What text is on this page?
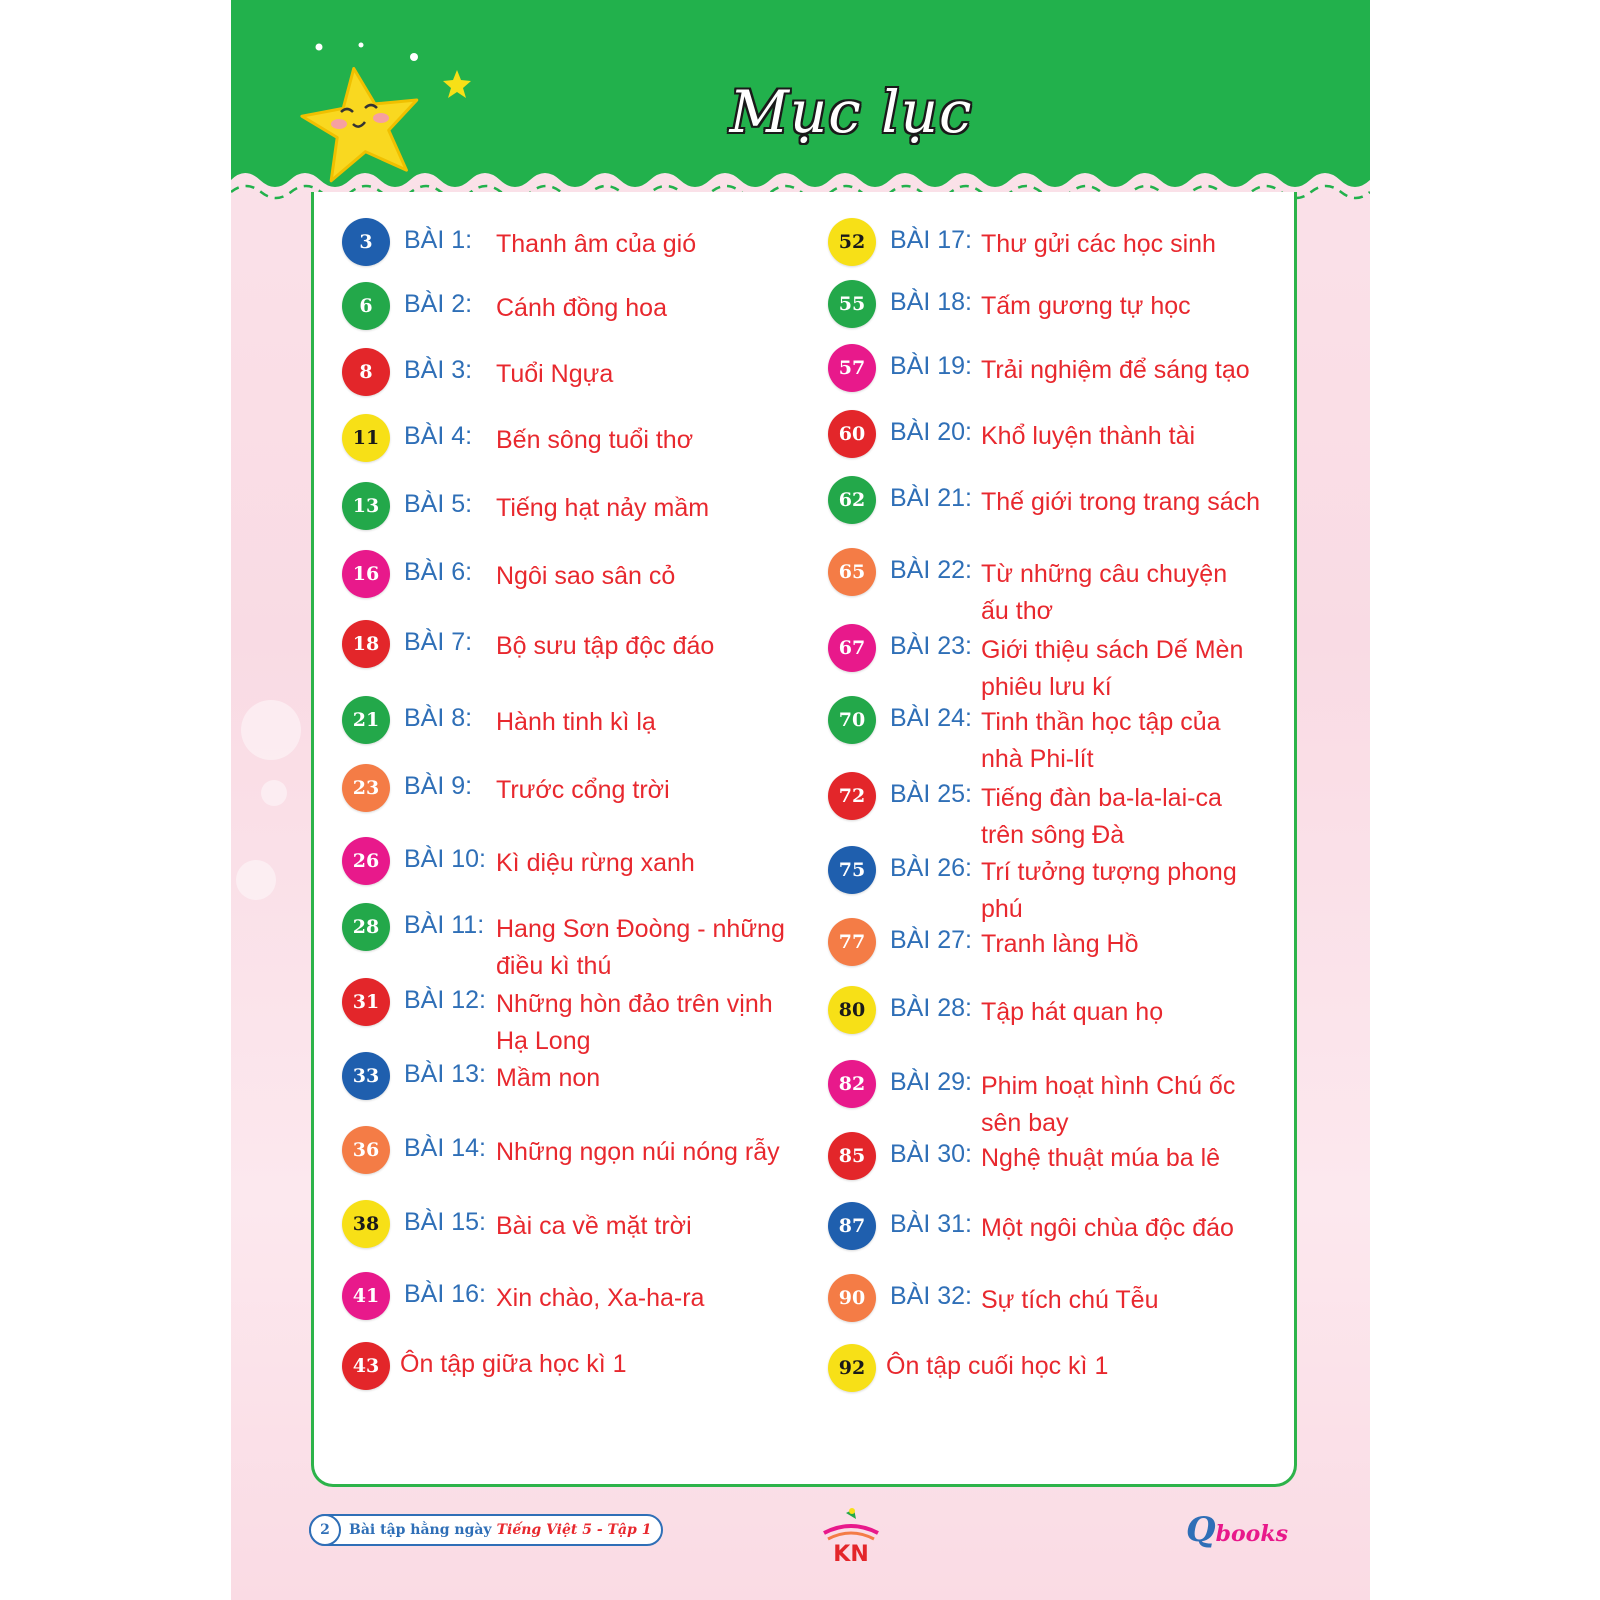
Mục lục
3	BÀI 1: Thanh âm của gió
6	BÀI 2: Cánh đồng hoa
8	BÀI 3: Tuổi Ngựa
11 BÀI 4: Bến sông tuổi thơ
13 BÀI 5: Tiếng hạt nảy mầm
16 BÀI 6: Ngôi sao sân cỏ
18 BÀI 7: Bộ sưu tập độc đáo
21 BÀI 8: Hành tinh kì lạ
23 BÀI 9: Trước cổng trời
26 BÀI 10: Kì diệu rừng xanh
28 BÀI 11: Hang Sơn Đoòng - những
điều kì thú
31 BÀI 12: Những hòn đảo trên vịnh
Hạ Long
33 BÀI 13: Mầm non
36 BÀI 14: Những ngọn núi nóng rẫy
38 BÀI 15: Bài ca về mặt trời
41 BÀI 16: Xin chào, Xa-ha-ra
43 Ôn tập giữa học kì 1
52 BÀI 17: Thư gửi các học sinh
55 BÀI 18: Tấm gương tự học
57 BÀI 19: Trải nghiệm để sáng tạo
60 BÀI 20: Khổ luyện thành tài
62 BÀI 21: Thế giới trong trang sách
65 BÀI 22: Từ những câu chuyện
ấu thơ
67 BÀI 23: Giới thiệu sách Dế Mèn
phiêu lưu kí
70 BÀI 24: Tinh thần học tập của
nhà Phi-lít
72 BÀI 25: Tiếng đàn ba-la-lai-ca
trên sông Đà
75 BÀI 26: Trí tưởng tượng phong
phú
77 BÀI 27: Tranh làng Hồ
80 BÀI 28: Tập hát quan họ
82 BÀI 29: Phim hoạt hình Chú ốc
sên bay
85 BÀI 30: Nghệ thuật múa ba lê
87 BÀI 31: Một ngôi chùa độc đáo
90 BÀI 32: Sự tích chú Tễu
92 Ôn tập cuối học kì 1
2	Bài tập hằng ngày Tiếng Việt 5 - Tập 1
KN
Qbooks
